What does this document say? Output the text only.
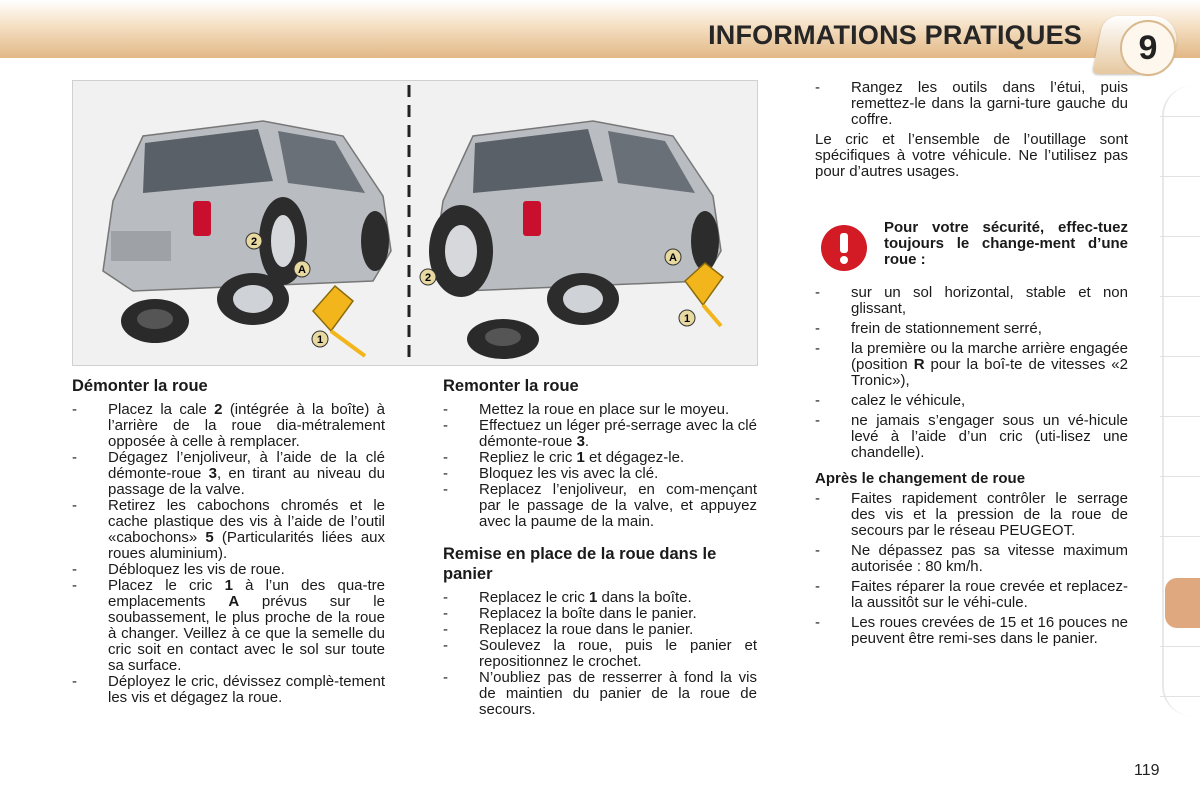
INFORMATIONS PRATIQUES	9
1
2
A
A
2
1
Démonter la roue
- Placez la cale 2 (intégrée à la boîte) à l’arrière de la roue dia-métralement opposée à celle à remplacer.
- Dégagez l’enjoliveur, à l’aide de la clé démonte-roue 3, en tirant au niveau du passage de la valve.
- Retirez les cabochons chromés et le cache plastique des vis à l’aide de l’outil «cabochons» 5 (Particularités liées aux roues aluminium).
- Débloquez les vis de roue.
- Placez le cric 1 à l’un des qua-tre emplacements A prévus sur le soubassement, le plus proche de la roue à changer. Veillez à ce que la semelle du cric soit en contact avec le sol sur toute sa surface.
- Déployez le cric, dévissez complè-tement les vis et dégagez la roue.
Remonter la roue
- Mettez la roue en place sur le moyeu.
- Effectuez un léger pré-serrage avec la clé démonte-roue 3.
- Repliez le cric 1 et dégagez-le.
- Bloquez les vis avec la clé.
- Replacez l’enjoliveur, en com-mençant par le passage de la valve, et appuyez avec la paume de la main.
Remise en place de la roue dans le panier
- Replacez le cric 1 dans la boîte.
- Replacez la boîte dans le panier.
- Replacez la roue dans le panier.
- Soulevez la roue, puis le panier et repositionnez le crochet.
- N’oubliez pas de resserrer à fond la vis de maintien du panier de la roue de secours.
- Rangez les outils dans l’étui, puis remettez-le dans la garni-ture gauche du coffre.

Le cric et l’ensemble de l’outillage sont spécifiques à votre véhicule. Ne l’utilisez pas pour d’autres usages.

Pour votre sécurité, effec-tuez toujours le change-ment d’une roue :
- sur un sol horizontal, stable et non glissant,
- frein de stationnement serré,
- la première ou la marche arrière engagée (position R pour la boî-te de vitesses «2 Tronic»),
- calez le véhicule,
- ne jamais s’engager sous un vé-hicule levé à l’aide d’un cric (uti-lisez une chandelle).
Après le changement de roue
- Faites rapidement contrôler le serrage des vis et la pression de la roue de secours par le réseau PEUGEOT.
- Ne dépassez pas sa vitesse maximum autorisée : 80 km/h.
- Faites réparer la roue crevée et replacez-la aussitôt sur le véhi-cule.
- Les roues crevées de 15 et 16 pouces ne peuvent être remi-ses dans le panier.
119
